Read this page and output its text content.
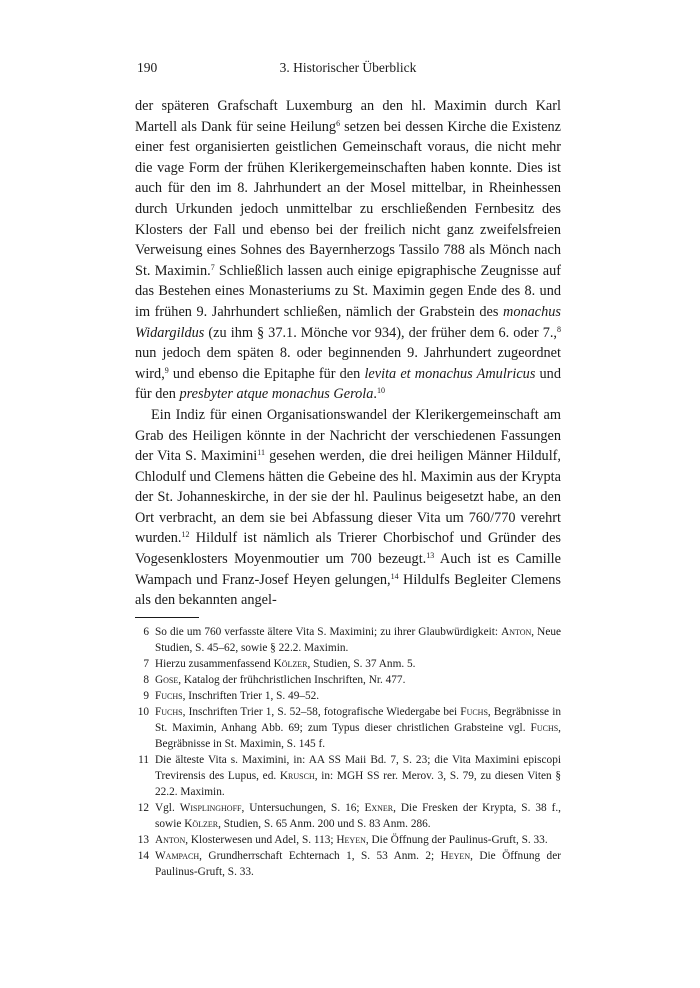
190	3. Historischer Überblick

der späteren Grafschaft Luxemburg an den hl. Maximin durch Karl Martell als Dank für seine Heilung$^6$ setzen bei dessen Kirche die Existenz einer fest organisierten geistlichen Gemeinschaft voraus, die nicht mehr die vage Form der frühen Klerikergemeinschaften haben konnte. Dies ist auch für den im 8. Jahrhundert an der Mosel mittelbar, in Rheinhessen durch Urkunden jedoch unmittelbar zu erschließenden Fernbesitz des Klosters der Fall und ebenso bei der freilich nicht ganz zweifelsfreien Verweisung eines Sohnes des Bayernherzogs Tassilo 788 als Mönch nach St. Maximin.$^7$ Schließlich lassen auch einige epigraphische Zeugnisse auf das Bestehen eines Monasteriums zu St. Maximin gegen Ende des 8. und im frühen 9. Jahrhundert schließen, nämlich der Grabstein des monachus Widargildus (zu ihm § 37.1. Mönche vor 934), der früher dem 6. oder 7.,$^8$ nun jedoch dem späten 8. oder beginnenden 9. Jahrhundert zugeordnet wird,$^9$ und ebenso die Epitaphe für den levita et monachus Amulricus und für den presbyter atque monachus Gerola.$^{10}$

Ein Indiz für einen Organisationswandel der Klerikergemeinschaft am Grab des Heiligen könnte in der Nachricht der verschiedenen Fassungen der Vita S. Maximini$^{11}$ gesehen werden, die drei heiligen Männer Hildulf, Chlodulf und Clemens hätten die Gebeine des hl. Maximin aus der Krypta der St. Johanneskirche, in der sie der hl. Paulinus beigesetzt habe, an den Ort verbracht, an dem sie bei Abfassung dieser Vita um 760/770 verehrt wurden.$^{12}$ Hildulf ist nämlich als Trierer Chorbischof und Gründer des Vogesenklosters Moyenmoutier um 700 bezeugt.$^{13}$ Auch ist es Camille Wampach und Franz-Josef Heyen gelungen,$^{14}$ Hildulfs Begleiter Clemens als den bekannten angel-

6 So die um 760 verfasste ältere Vita S. Maximini; zu ihrer Glaubwürdigkeit: Anton, Neue Studien, S. 45–62, sowie § 22.2. Maximin.
7 Hierzu zusammenfassend Kölzer, Studien, S. 37 Anm. 5.
8 Gose, Katalog der frühchristlichen Inschriften, Nr. 477.
9 Fuchs, Inschriften Trier 1, S. 49–52.
10 Fuchs, Inschriften Trier 1, S. 52–58, fotografische Wiedergabe bei Fuchs, Begräbnisse in St. Maximin, Anhang Abb. 69; zum Typus dieser christlichen Grabsteine vgl. Fuchs, Begräbnisse in St. Maximin, S. 145 f.
11 Die älteste Vita s. Maximini, in: AA SS Maii Bd. 7, S. 23; die Vita Maximini episcopi Trevirensis des Lupus, ed. Krusch, in: MGH SS rer. Merov. 3, S. 79, zu diesen Viten § 22.2. Maximin.
12 Vgl. Wisplinghoff, Untersuchungen, S. 16; Exner, Die Fresken der Krypta, S. 38 f., sowie Kölzer, Studien, S. 65 Anm. 200 und S. 83 Anm. 286.
13 Anton, Klosterwesen und Adel, S. 113; Heyen, Die Öffnung der Paulinus-Gruft, S. 33.
14 Wampach, Grundherrschaft Echternach 1, S. 53 Anm. 2; Heyen, Die Öffnung der Paulinus-Gruft, S. 33.
